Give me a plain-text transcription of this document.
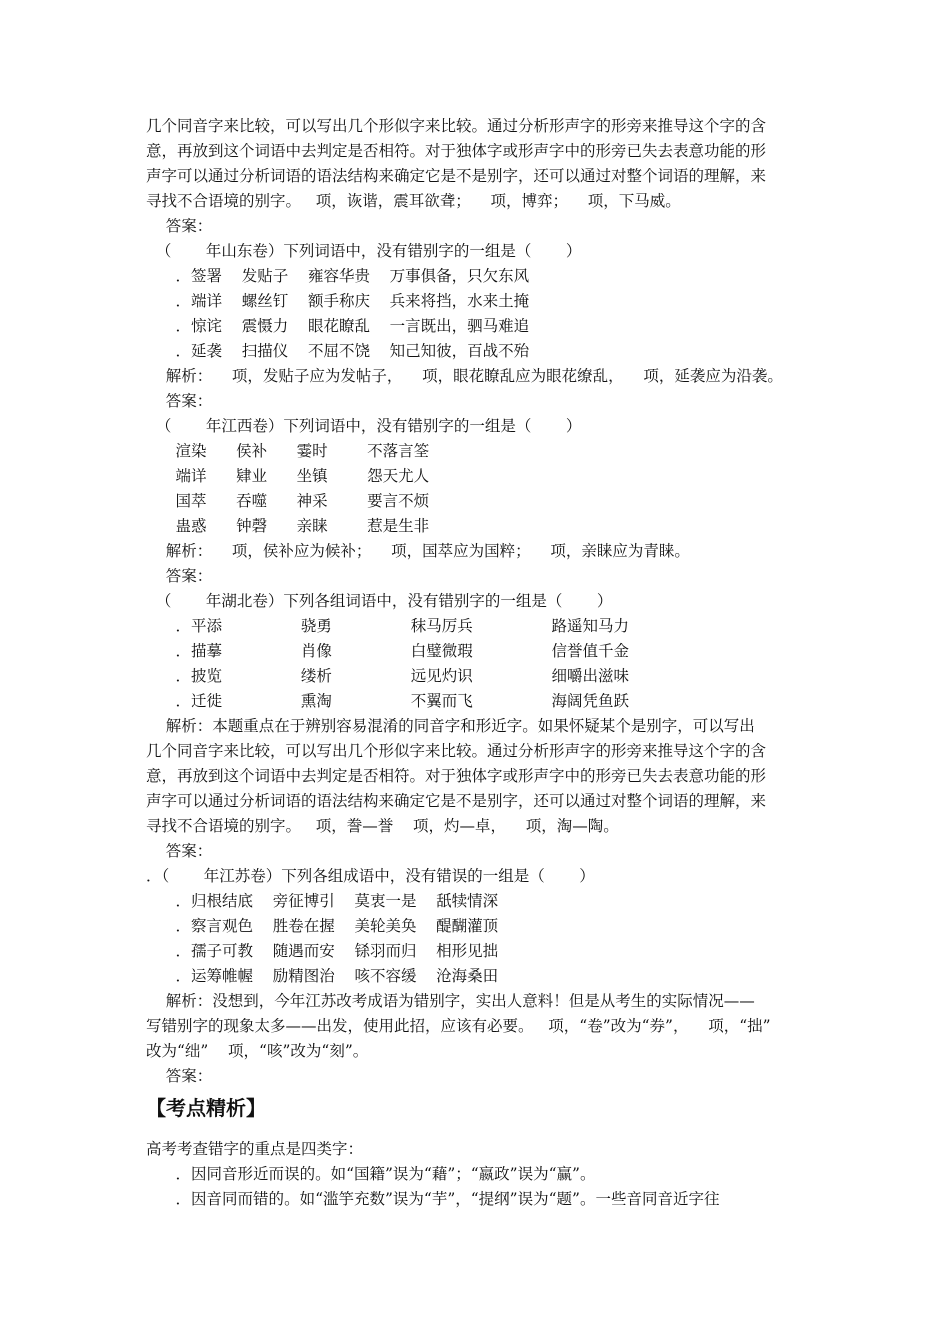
几个同音字来比较，可以写出几个形似字来比较。通过分析形声字的形旁来推导这个字的含
意，再放到这个词语中去判定是否相符。对于独体字或形声字中的形旁已失去表意功能的形
声字可以通过分析词语的语法结构来确定它是不是别字，还可以通过对整个词语的理解，来
寻找不合语境的别字。   项，诙谐，震耳欲聋；    项，博弈；    项，下马威。
答案：
（       年山东卷）下列词语中，没有错别字的一组是（       ）
．签署    发贴子    雍容华贵    万事俱备，只欠东风
．端详    螺丝钉    额手称庆    兵来将挡，水来土掩
．惊诧    震慑力    眼花瞭乱    一言既出，驷马难追
．延袭    扫描仪    不屈不饶    知己知彼，百战不殆
解析：    项，发贴子应为发帖子，    项，眼花瞭乱应为眼花缭乱，    项，延袭应为沿袭。
答案：
（       年江西卷）下列词语中，没有错别字的一组是（       ）
渲染      侯补      霎时        不落言筌
端详      肄业      坐镇        怨天尤人
国萃      吞噬      神采        要言不烦
蛊惑      钟磬      亲睐        惹是生非
解析：    项，侯补应为候补；    项，国萃应为国粹；    项，亲睐应为青睐。
答案：
（       年湖北卷）下列各组词语中，没有错别字的一组是（       ）
．平添                骁勇                秣马厉兵                路遥知马力
．描摹                肖像                白璧微瑕                信誉值千金
．披览                缕析                远见灼识                细嚼出滋味
．迁徙                熏淘                不翼而飞                海阔凭鱼跃
解析：本题重点在于辨别容易混淆的同音字和形近字。如果怀疑某个是别字，可以写出
几个同音字来比较，可以写出几个形似字来比较。通过分析形声字的形旁来推导这个字的含
意，再放到这个词语中去判定是否相符。对于独体字或形声字中的形旁已失去表意功能的形
声字可以通过分析词语的语法结构来确定它是不是别字，还可以通过对整个词语的理解，来
寻找不合语境的别字。   项，誊—誉    项，灼—卓，    项，淘—陶。
答案：
．（       年江苏卷）下列各组成语中，没有错误的一组是（       ）
．归根结底    旁征博引    莫衷一是    舐犊情深
．察言观色    胜卷在握    美轮美奂    醍醐灌顶
．孺子可教    随遇而安    铩羽而归    相形见拙
．运筹帷幄    励精图治    咳不容缓    沧海桑田
解析：没想到，今年江苏改考成语为错别字，实出人意料！但是从考生的实际情况——
写错别字的现象太多——出发，使用此招，应该有必要。   项，“卷”改为“券”，    项，“拙”
改为“绌”    项，“咳”改为“刻”。
答案：
【考点精析】
高考考查错字的重点是四类字：
．因同音形近而误的。如“国籍”误为“藉”；“嬴政”误为“赢”。
．因音同而错的。如“滥竽充数”误为“芋”，“提纲”误为“题”。一些音同音近字往
